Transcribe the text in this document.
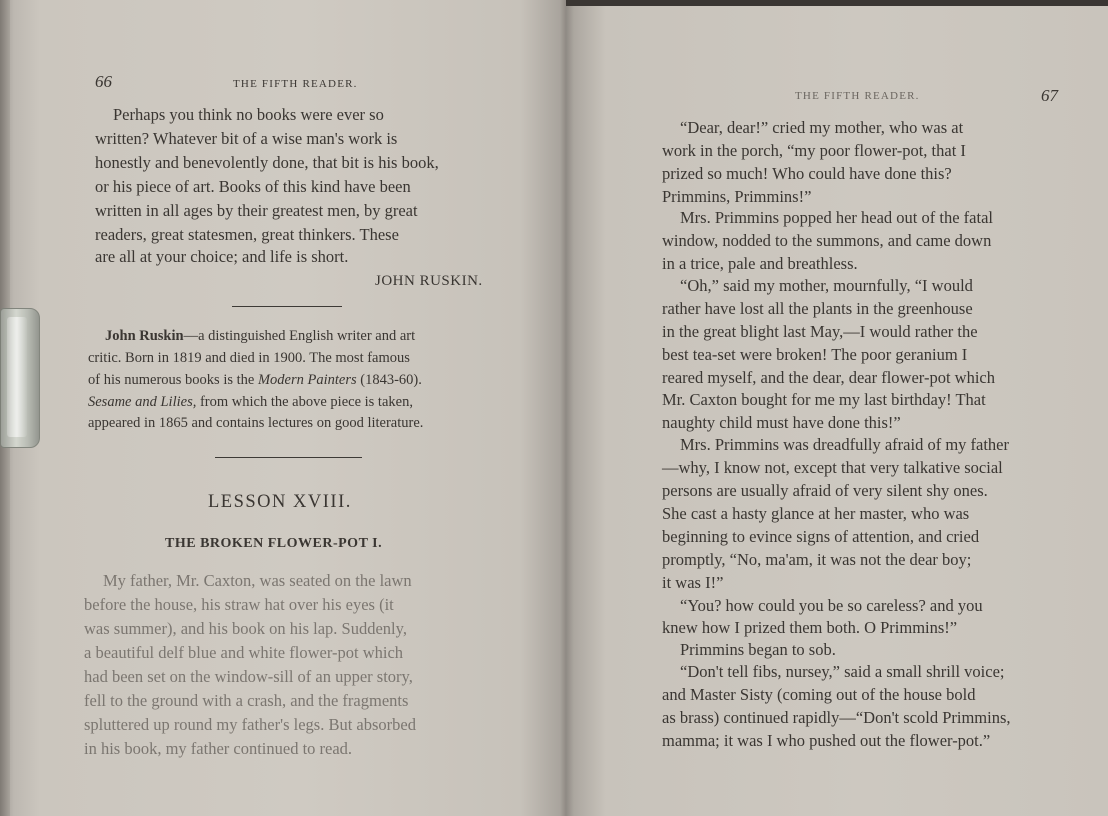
66	THE FIFTH READER.
Perhaps you think no books were ever so
written? Whatever bit of a wise man's work is
honestly and benevolently done, that bit is his book,
or his piece of art. Books of this kind have been
written in all ages by their greatest men, by great
readers, great statesmen, great thinkers. These
are all at your choice; and life is short.
JOHN RUSKIN.
John Ruskin—a distinguished English writer and art
critic. Born in 1819 and died in 1900. The most famous
of his numerous books is the Modern Painters (1843-60).
Sesame and Lilies, from which the above piece is taken,
appeared in 1865 and contains lectures on good literature.
LESSON XVIII.
THE BROKEN FLOWER-POT I.
My father, Mr. Caxton, was seated on the lawn
before the house, his straw hat over his eyes (it
was summer), and his book on his lap. Suddenly,
a beautiful delf blue and white flower-pot which
had been set on the window-sill of an upper story,
fell to the ground with a crash, and the fragments
spluttered up round my father's legs. But absorbed
in his book, my father continued to read.
THE FIFTH READER.	67
“Dear, dear!” cried my mother, who was at
work in the porch, “my poor flower-pot, that I
prized so much! Who could have done this?
Primmins, Primmins!”
Mrs. Primmins popped her head out of the fatal
window, nodded to the summons, and came down
in a trice, pale and breathless.
“Oh,” said my mother, mournfully, “I would
rather have lost all the plants in the greenhouse
in the great blight last May,—I would rather the
best tea-set were broken! The poor geranium I
reared myself, and the dear, dear flower-pot which
Mr. Caxton bought for me my last birthday! That
naughty child must have done this!”
Mrs. Primmins was dreadfully afraid of my father
—why, I know not, except that very talkative social
persons are usually afraid of very silent shy ones.
She cast a hasty glance at her master, who was
beginning to evince signs of attention, and cried
promptly, “No, ma'am, it was not the dear boy;
it was I!”
“You? how could you be so careless? and you
knew how I prized them both. O Primmins!”
Primmins began to sob.
“Don't tell fibs, nursey,” said a small shrill voice;
and Master Sisty (coming out of the house bold
as brass) continued rapidly—“Don't scold Primmins,
mamma; it was I who pushed out the flower-pot.”
